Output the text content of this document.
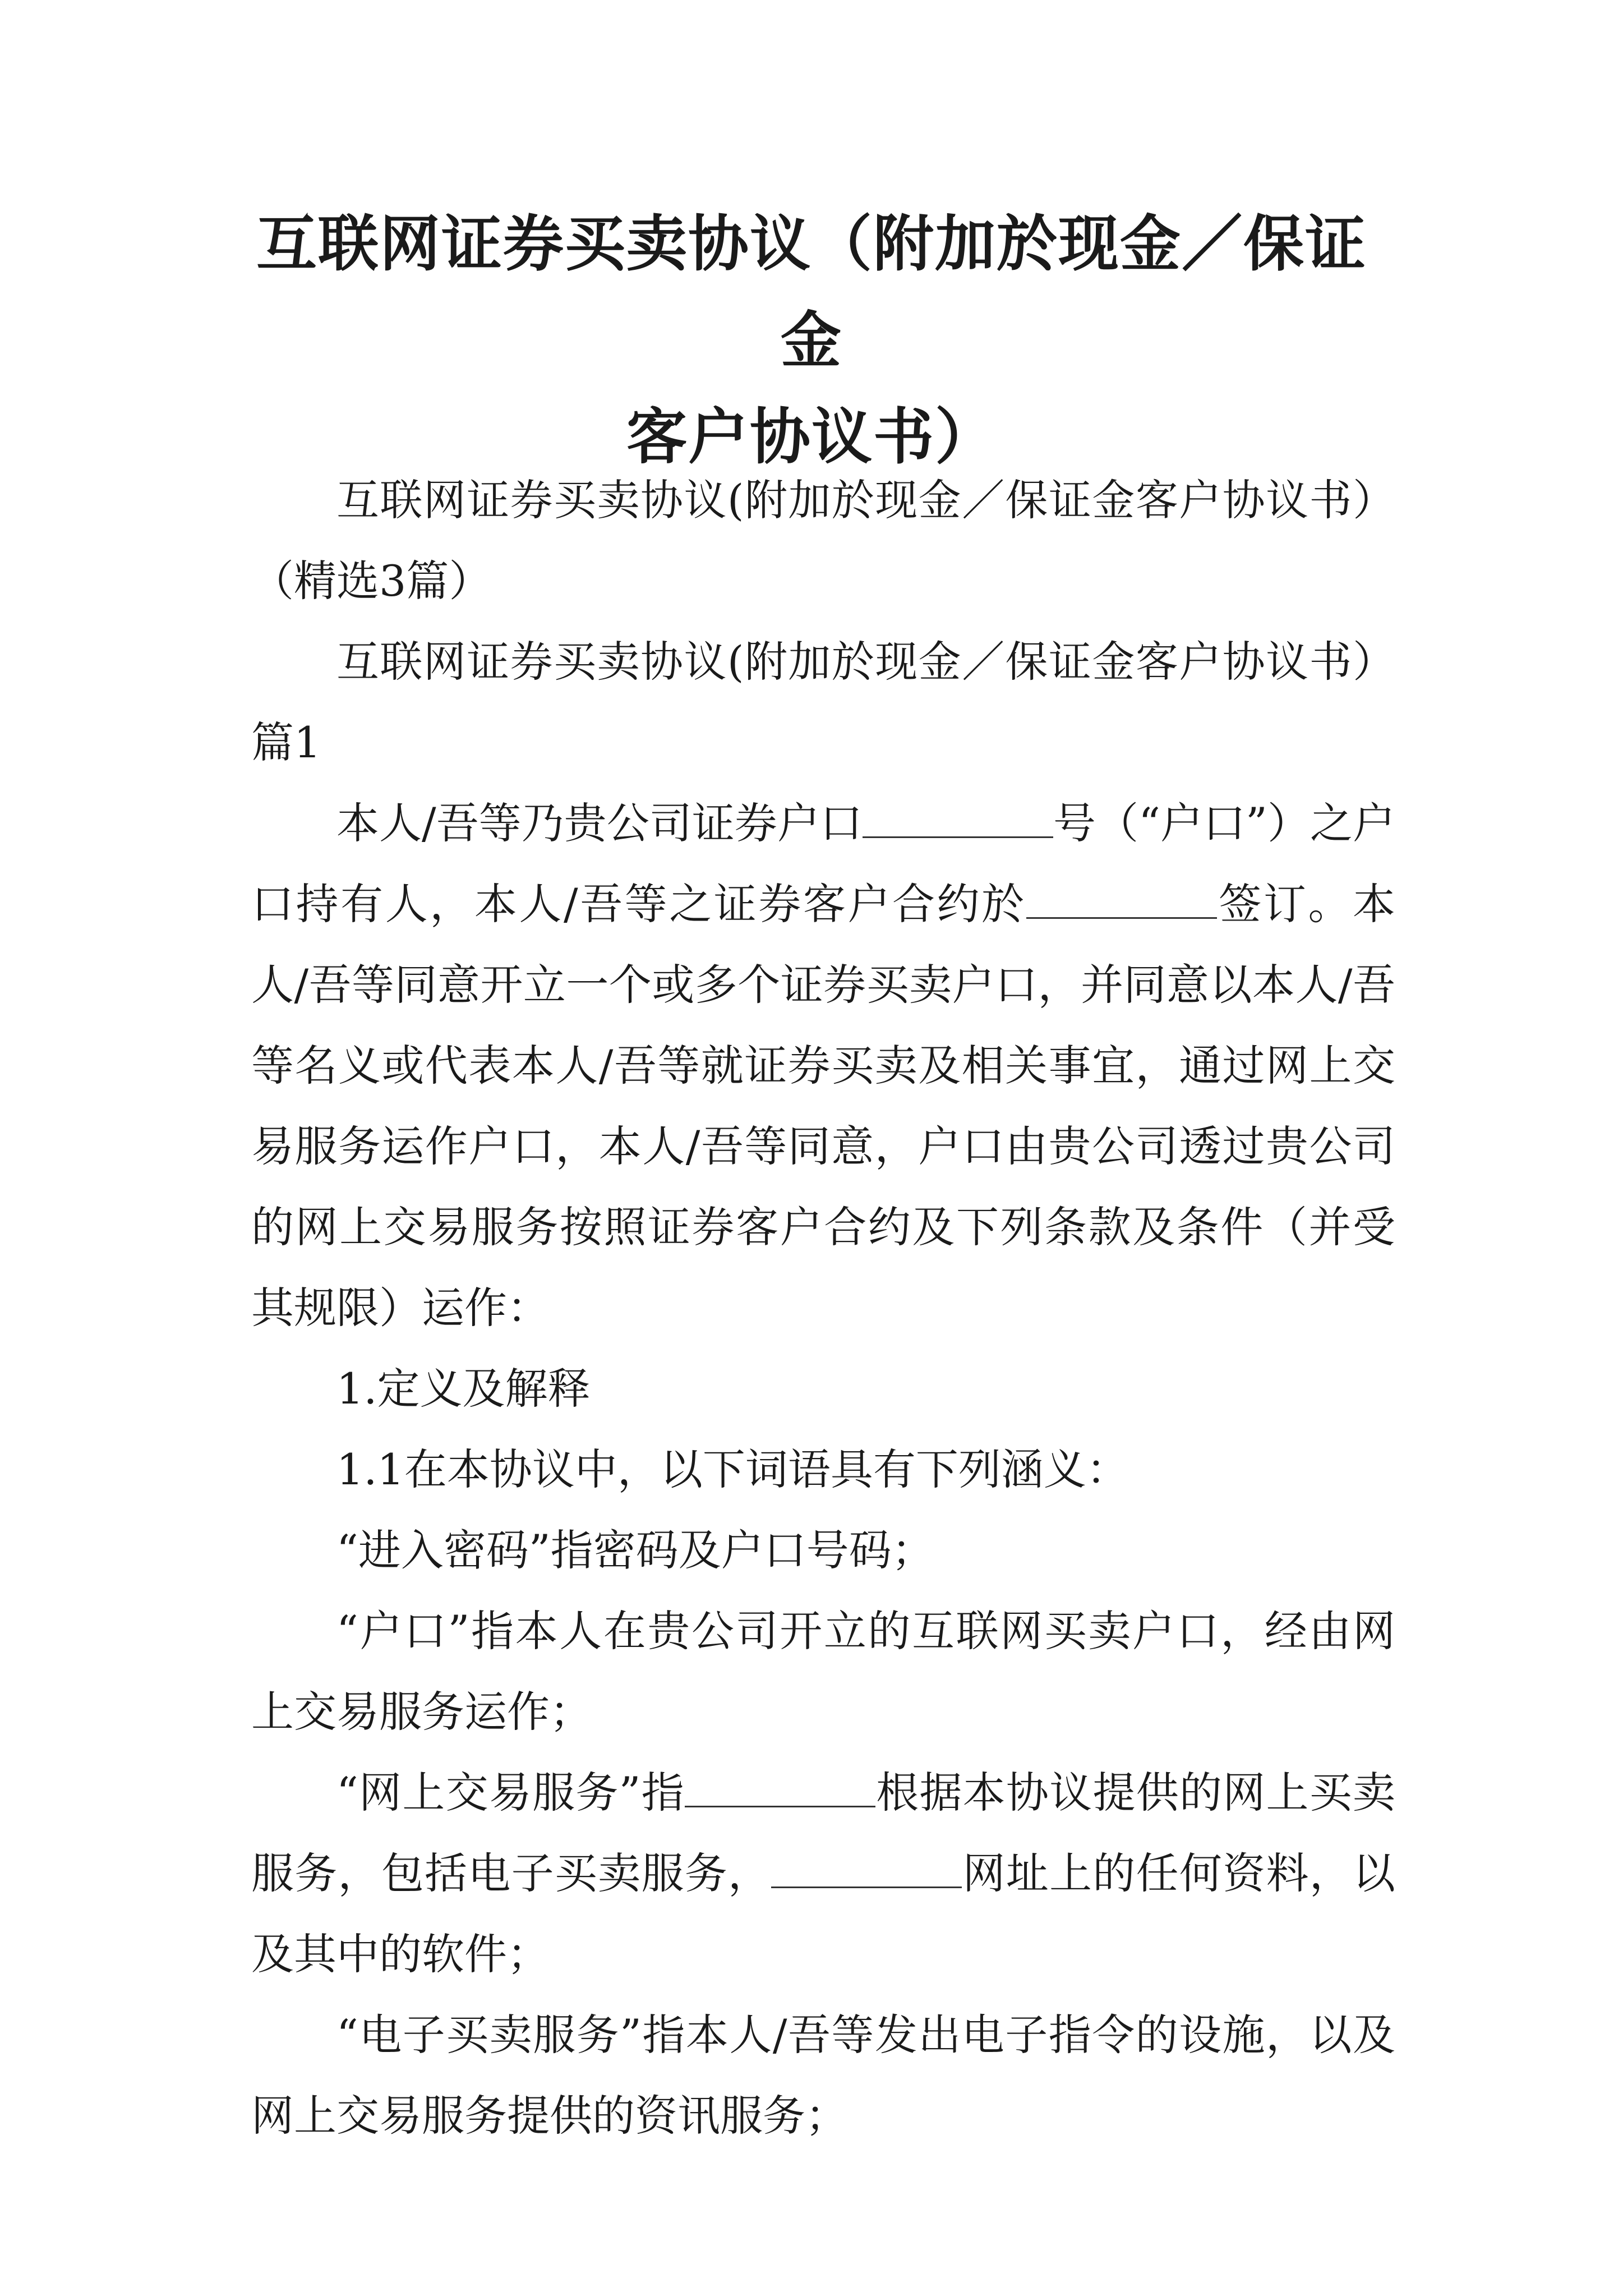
互联网证券买卖协议（附加於现金／保证金
客户协议书）

互联网证券买卖协议(附加於现金／保证金客户协议书）（精选3篇）

互联网证券买卖协议(附加於现金／保证金客户协议书）篇1

本人/吾等乃贵公司证券户口	号（“户口”）之户口持有人，本人/吾等之证券客户合约於	签订。本人/吾等同意开立一个或多个证券买卖户口，并同意以本人/吾等名义或代表本人/吾等就证券买卖及相关事宜，通过网上交易服务运作户口，本人/吾等同意，户口由贵公司透过贵公司的网上交易服务按照证券客户合约及下列条款及条件（并受其规限）运作：

1.定义及解释

1.1在本协议中，以下词语具有下列涵义：

“进入密码”指密码及户口号码；

“户口”指本人在贵公司开立的互联网买卖户口，经由网上交易服务运作；

“网上交易服务”指	根据本协议提供的网上买卖服务，包括电子买卖服务，	网址上的任何资料，以及其中的软件；

“电子买卖服务”指本人/吾等发出电子指令的设施，以及网上交易服务提供的资讯服务；
